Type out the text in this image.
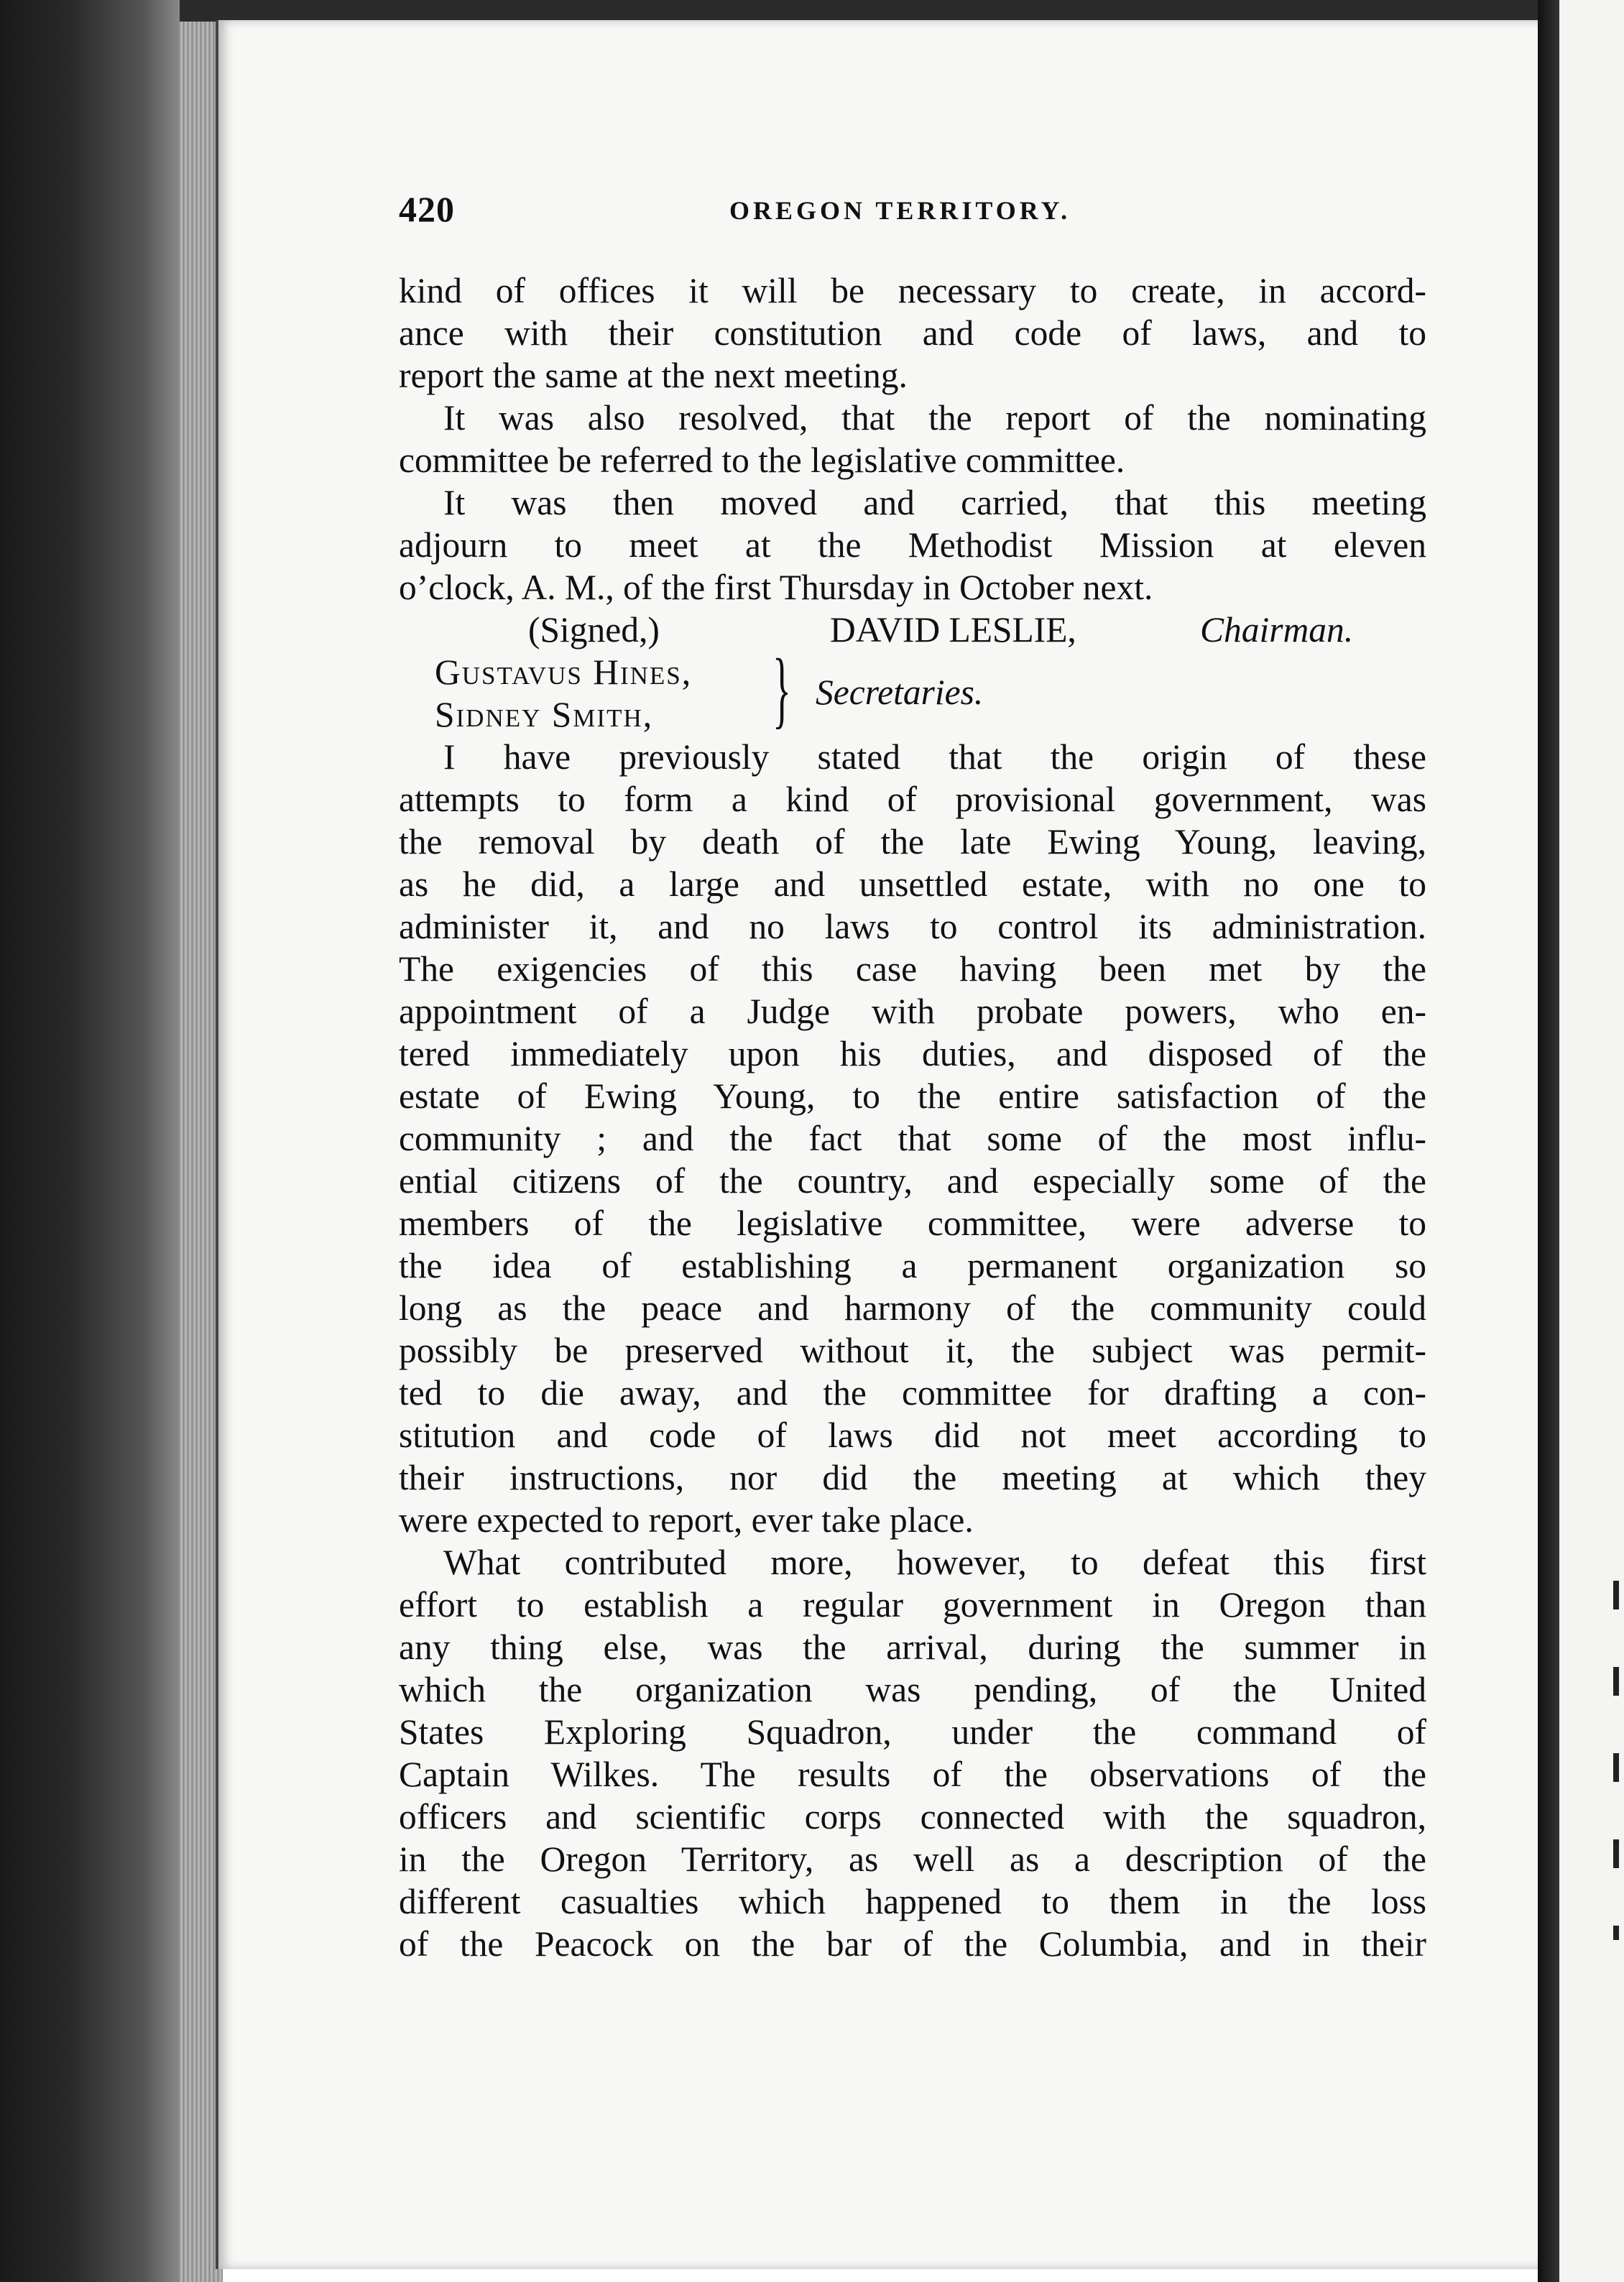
420	OREGON TERRITORY.
kind of offices it will be necessary to create, in accord-
ance with their constitution and code of laws, and to
report the same at the next meeting.
It was also resolved, that the report of the nominating
committee be referred to the legislative committee.
It was then moved and carried, that this meeting
adjourn to meet at the Methodist Mission at eleven
o’clock, A. M., of the first Thursday in October next.
(Signed,)	DAVID LESLIE,	Chairman.
Gustavus Hines,
Sidney Smith, } Secretaries.
I have previously stated that the origin of these
attempts to form a kind of provisional government, was
the removal by death of the late Ewing Young, leaving,
as he did, a large and unsettled estate, with no one to
administer it, and no laws to control its administration.
The exigencies of this case having been met by the
appointment of a Judge with probate powers, who en-
tered immediately upon his duties, and disposed of the
estate of Ewing Young, to the entire satisfaction of the
community ; and the fact that some of the most influ-
ential citizens of the country, and especially some of the
members of the legislative committee, were adverse to
the idea of establishing a permanent organization so
long as the peace and harmony of the community could
possibly be preserved without it, the subject was permit-
ted to die away, and the committee for drafting a con-
stitution and code of laws did not meet according to
their instructions, nor did the meeting at which they
were expected to report, ever take place.
What contributed more, however, to defeat this first
effort to establish a regular government in Oregon than
any thing else, was the arrival, during the summer in
which the organization was pending, of the United
States Exploring Squadron, under the command of
Captain Wilkes. The results of the observations of the
officers and scientific corps connected with the squadron,
in the Oregon Territory, as well as a description of the
different casualties which happened to them in the loss
of the Peacock on the bar of the Columbia, and in their
